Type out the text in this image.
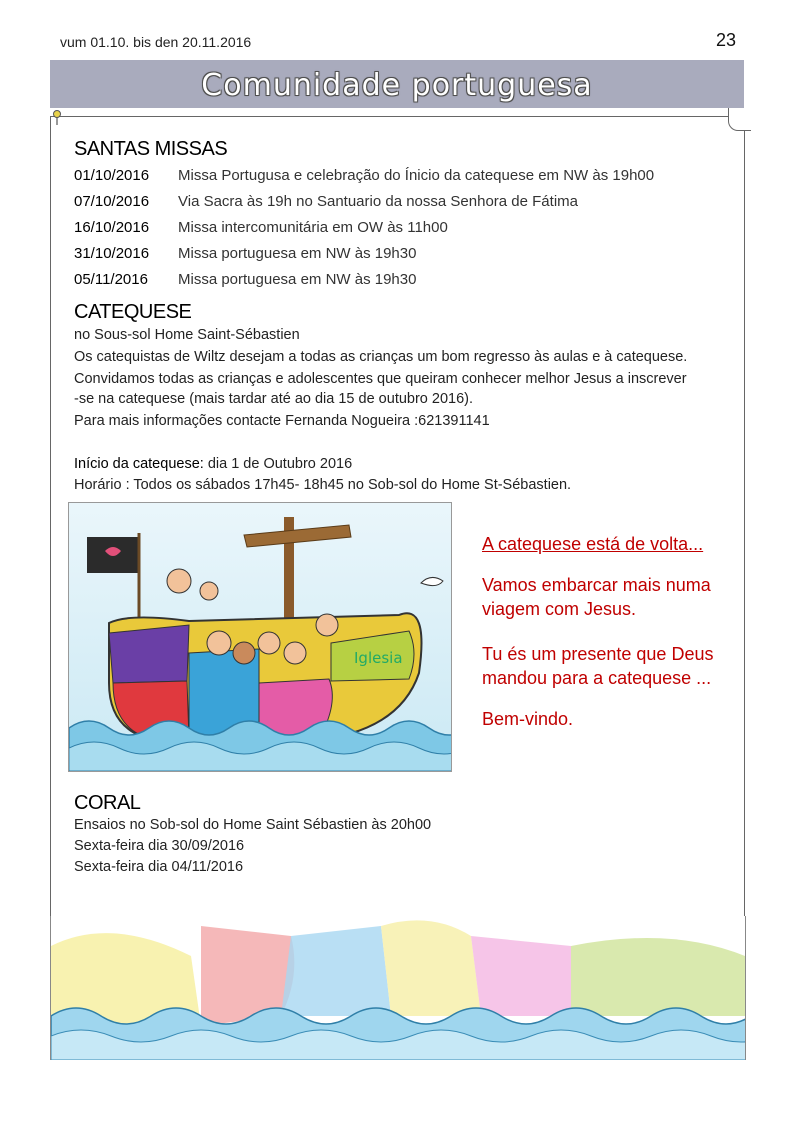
vum 01.10. bis den 20.11.2016	23
Comunidade portuguesa
SANTAS MISSAS
01/10/2016 Missa Portugusa e celebração do Ínicio da catequese em NW às 19h00
07/10/2016 Via Sacra às 19h no Santuario da nossa Senhora de Fátima
16/10/2016 Missa intercomunitária em OW às 11h00
31/10/2016 Missa portuguesa em NW às 19h30
05/11/2016 Missa portuguesa em NW às 19h30
CATEQUESE
no Sous-sol Home Saint-Sébastien
Os catequistas de Wiltz desejam a todas as crianças um bom regresso às aulas e à catequese.
Convidamos todas as crianças e adolescentes que queiram conhecer melhor Jesus a inscrever
-se na catequese (mais tardar até ao dia 15 de outubro 2016).
Para mais informações contacte Fernanda Nogueira :621391141
Início da catequese: dia 1 de Outubro 2016
Horário : Todos os sábados 17h45- 18h45 no Sob-sol do Home St-Sébastien.
Iglesia
A catequese está de volta...
Vamos embarcar mais numa
viagem com Jesus.
Tu és um presente que Deus
mandou para a catequese ...
Bem-vindo.
CORAL
Ensaios no Sob-sol do Home Saint Sébastien às 20h00
Sexta-feira dia 30/09/2016
Sexta-feira dia 04/11/2016
